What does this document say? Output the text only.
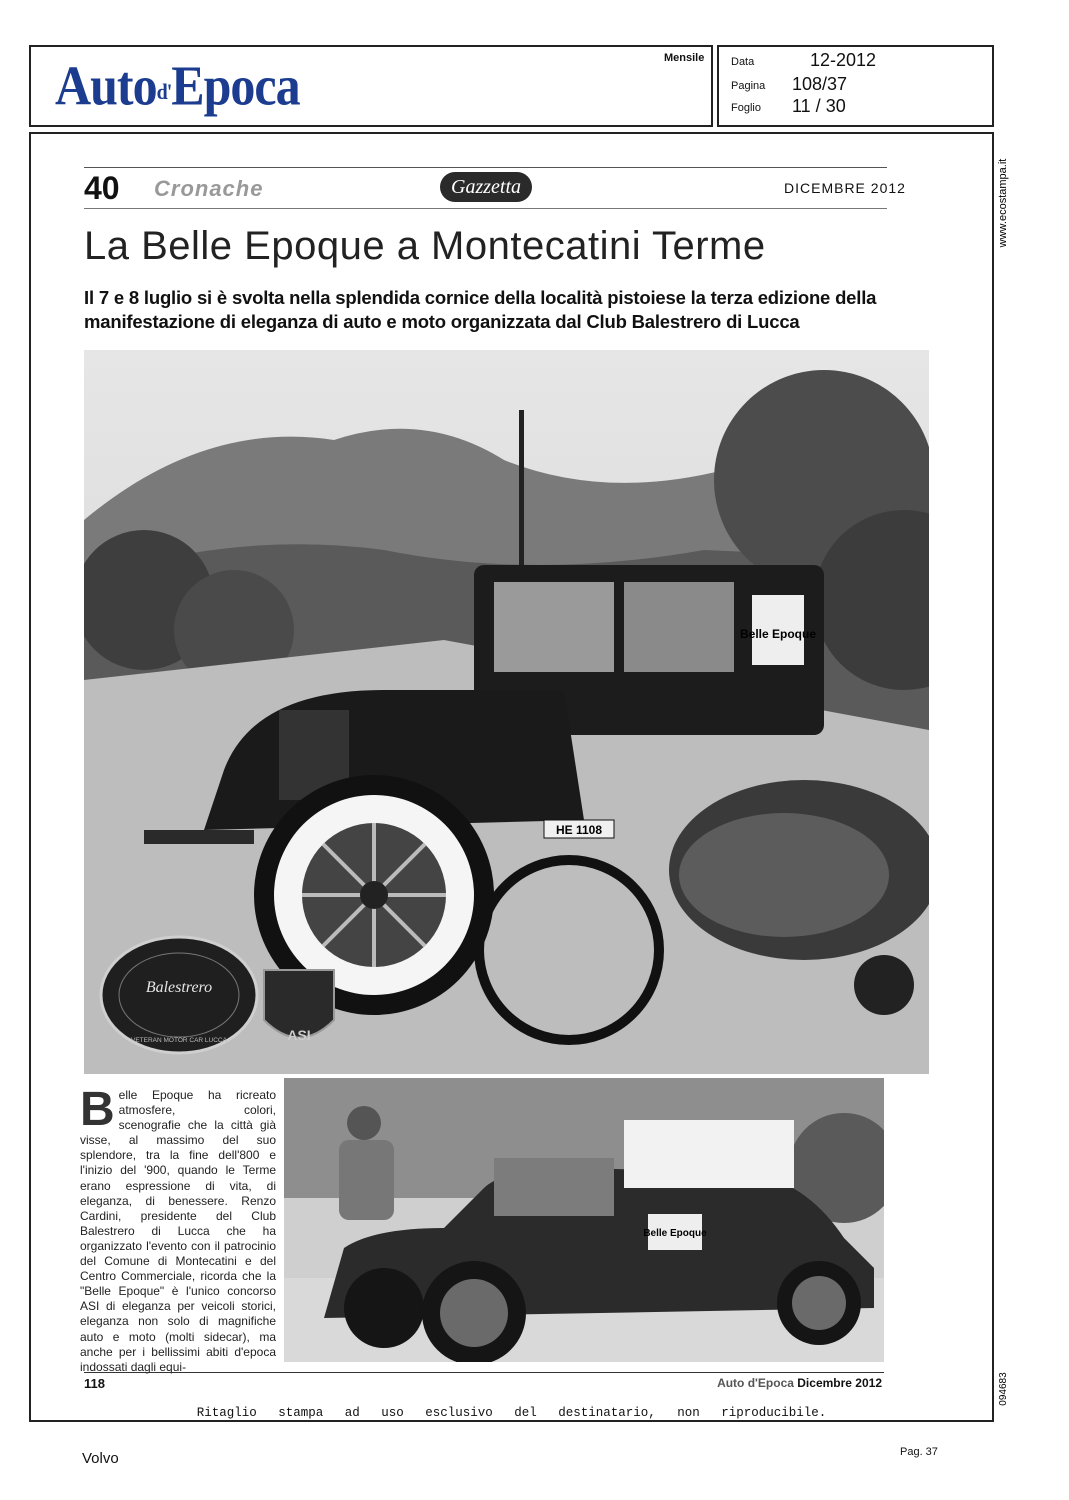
Auto$^{d'}$Epoca	Mensile Data	12-2012
Pagina 108/37
Foglio 11 / 30
www.ecostampa.it
094683
40 Cronache	Gazzetta	DICEMBRE 2012
La Belle Epoque a Montecatini Terme
Il 7 e 8 luglio si è svolta nella splendida cornice della località pistoiese la terza edizione della manifestazione di eleganza di auto e moto organizzata dal Club Balestrero di Lucca
Belle Epoque
HE 1108
Balestrero
VETERAN MOTOR CAR LUCCA	ASI
Belle Epoque ha ricreato atmosfere, colori, scenografie che la città già visse, al massimo del suo splendore, tra la fine dell'800 e l'inizio del '900, quando le Terme erano espressione di vita, di eleganza, di benessere. Renzo Cardini, presidente del Club Balestrero di Lucca che ha organizzato l'evento con il patrocinio del Comune di Montecatini e del Centro Commerciale, ricorda che la "Belle Epoque" è l'unico concorso ASI di eleganza per veicoli storici, eleganza non solo di magnifiche auto e moto (molti sidecar), ma anche per i bellissimi abiti d'epoca indossati dagli equi-
Belle Epoque
118	Auto d'Epoca Dicembre 2012
Ritaglio stampa ad uso esclusivo del destinatario, non riproducibile.
Volvo	Pag. 37
